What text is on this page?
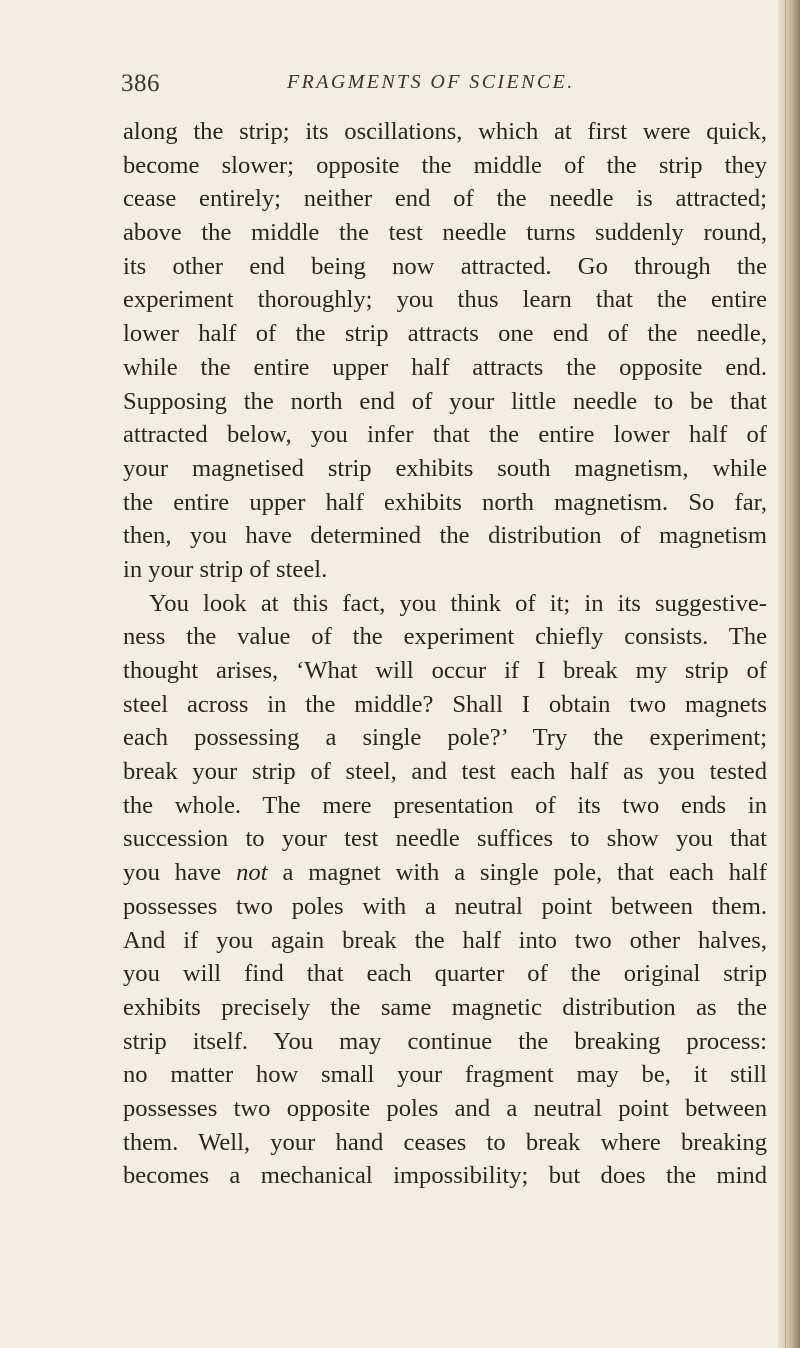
386	FRAGMENTS OF SCIENCE.
along the strip; its oscillations, which at first were quick,
become slower; opposite the middle of the strip they
cease entirely; neither end of the needle is attracted;
above the middle the test needle turns suddenly round,
its other end being now attracted. Go through the
experiment thoroughly; you thus learn that the entire
lower half of the strip attracts one end of the needle,
while the entire upper half attracts the opposite end.
Supposing the north end of your little needle to be that
attracted below, you infer that the entire lower half of
your magnetised strip exhibits south magnetism, while
the entire upper half exhibits north magnetism. So far,
then, you have determined the distribution of magnetism
in your strip of steel.
You look at this fact, you think of it; in its suggestive-
ness the value of the experiment chiefly consists. The
thought arises, ‘What will occur if I break my strip of
steel across in the middle? Shall I obtain two magnets
each possessing a single pole?’ Try the experiment;
break your strip of steel, and test each half as you tested
the whole. The mere presentation of its two ends in
succession to your test needle suffices to show you that
you have not a magnet with a single pole, that each half
possesses two poles with a neutral point between them.
And if you again break the half into two other halves,
you will find that each quarter of the original strip
exhibits precisely the same magnetic distribution as the
strip itself. You may continue the breaking process:
no matter how small your fragment may be, it still
possesses two opposite poles and a neutral point between
them. Well, your hand ceases to break where breaking
becomes a mechanical impossibility; but does the mind
